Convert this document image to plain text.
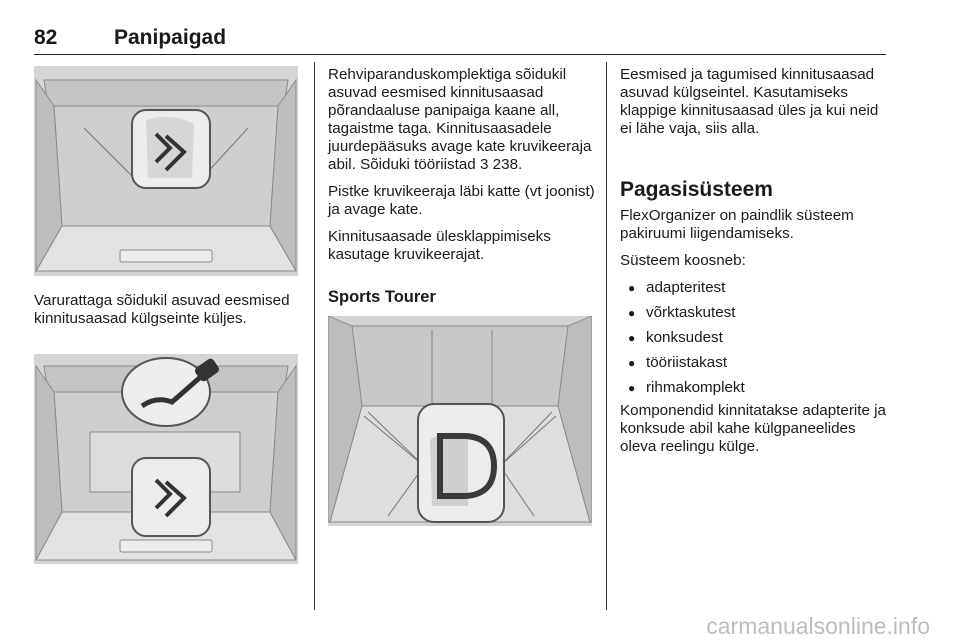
82	Panipaigad

Varurattaga sõidukil asuvad eesmised kinnitusaasad külgseinte küljes.

Rehviparanduskomplektiga sõidukil asuvad eesmised kinnitusaasad põrandaaluse panipaiga kaane all, tagaistme taga. Kinnitusaasadele juurdepääsuks avage kate kruvikeeraja abil. Sõiduki tööriistad 3 238.

Pistke kruvikeeraja läbi katte (vt joonist) ja avage kate.

Kinnitusaasade ülesklappimiseks kasutage kruvikeerajat.

Sports Tourer

Eesmised ja tagumised kinnitusaasad asuvad külgseintel. Kasutamiseks klappige kinnitusaasad üles ja kui neid ei lähe vaja, siis alla.

Pagasisüsteem

FlexOrganizer on paindlik süsteem pakiruumi liigendamiseks.

Süsteem koosneb:

● adapteritest
● võrktaskutest
● konksudest
● tööriistakast
● rihmakomplekt

Komponendid kinnitatakse adapterite ja konksude abil kahe külgpaneelides oleva reelingu külge.

carmanualsonline.info
